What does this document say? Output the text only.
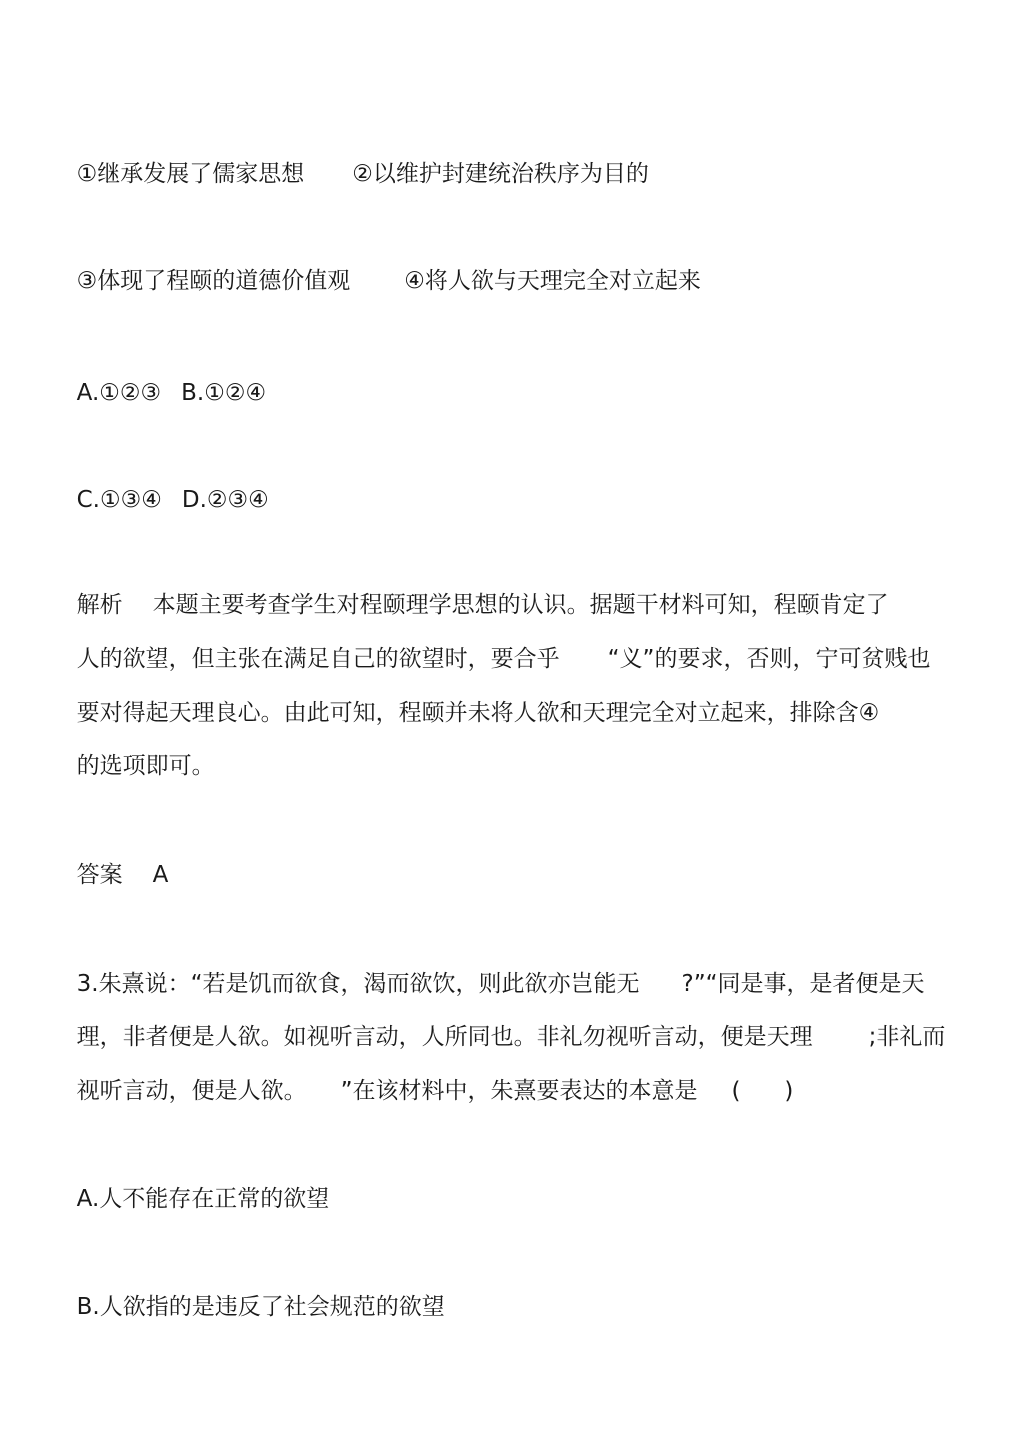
①继承发展了儒家思想 ②以维护封建统治秩序为目的

③体现了程颐的道德价值观 ④将人欲与天理完全对立起来

A.①②③ B.①②④

C.①③④ D.②③④

解析 本题主要考查学生对程颐理学思想的认识。据题干材料可知，程颐肯定了

人的欲望，但主张在满足自己的欲望时，要合乎 “义”的要求，否则，宁可贫贱也

要对得起天理良心。由此可知，程颐并未将人欲和天理完全对立起来，排除含④

的选项即可。

答案 A

3.朱熹说：“若是饥而欲食，渴而欲饮，则此欲亦岂能无 ?”“同是事，是者便是天

理，非者便是人欲。如视听言动，人所同也。非礼勿视听言动，便是天理 ;非礼而

视听言动，便是人欲。 ”在该材料中，朱熹要表达的本意是 (      )

A.人不能存在正常的欲望

B.人欲指的是违反了社会规范的欲望
